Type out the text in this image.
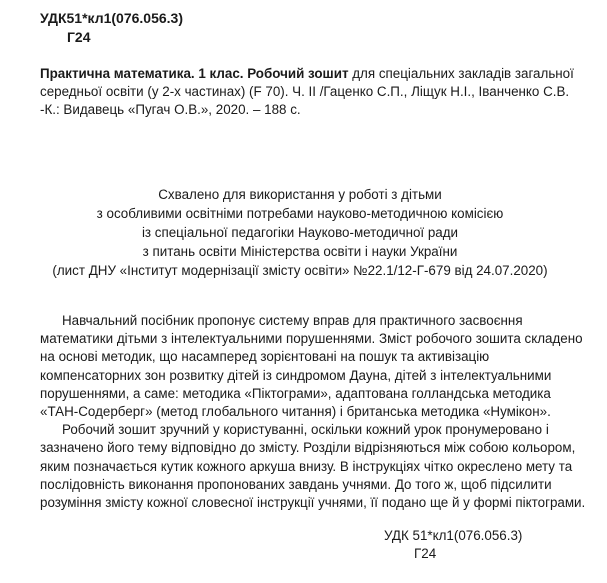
УДК51*кл1(076.056.3)
Г24
Практична математика. 1 клас. Робочий зошит для спеціальних закладів загальної середньої освіти (у 2-х частинах) (F 70). Ч. ІІ /Гаценко С.П., Ліщук Н.І., Іванченко С.В. -К.: Видавець «Пугач О.В.», 2020. – 188 с.
Схвалено для використання у роботі з дітьми
з особливими освітніми потребами науково-методичною комісією
із спеціальної педагогіки Науково-методичної ради
з питань освіти Міністерства освіти і науки України
(лист ДНУ «Інститут модернізації змісту освіти» №22.1/12-Г-679 від 24.07.2020)

Навчальний посібник пропонує систему вправ для практичного засвоєння математики дітьми з інтелектуальними порушеннями. Зміст робочого зошита складено на основі методик, що насамперед зорієнтовані на пошук та активізацію компенсаторних зон розвитку дітей із синдромом Дауна, дітей з інтелектуальними порушеннями, а саме: методика «Піктограми», адаптована голландська методика «ТАН-Содерберг» (метод глобального читання) і британська методика «Нумікон».

Робочий зошит зручний у користуванні, оскільки кожний урок пронумеровано і зазначено його тему відповідно до змісту. Розділи відрізняються між собою кольором, яким позначається кутик кожного аркуша внизу. В інструкціях чітко окреслено мету та послідовність виконання пропонованих завдань учнями. До того ж, щоб підсилити розуміння змісту кожної словесної інструкції учнями, її подано ще й у формі піктограми.

УДК 51*кл1(076.056.3)
Г24
